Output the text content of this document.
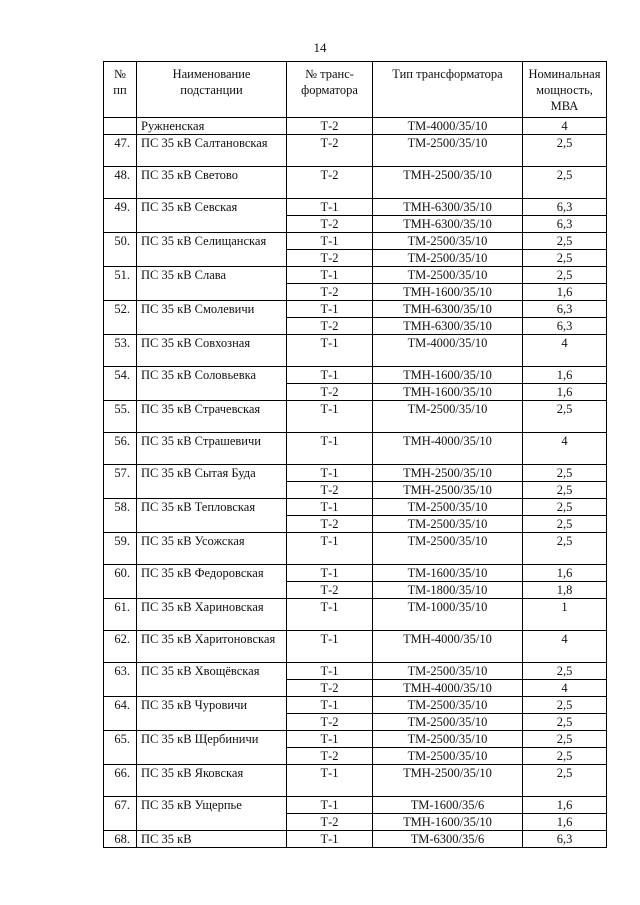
14
№ пп	Наименование подстанции	№ транс-форматора	Тип трансформатора	Номинальная мощность, МВА
	Ружненская	Т-2	ТМ-4000/35/10	4
47.	ПС 35 кВ Салтановская	Т-2	ТМ-2500/35/10	2,5
48.	ПС 35 кВ Светово	Т-2	ТМН-2500/35/10	2,5
49.	ПС 35 кВ Севская	Т-1	ТМН-6300/35/10	6,3
		Т-2	ТМН-6300/35/10	6,3
50.	ПС 35 кВ Селищанская	Т-1	ТМ-2500/35/10	2,5
		Т-2	ТМ-2500/35/10	2,5
51.	ПС 35 кВ Слава	Т-1	ТМ-2500/35/10	2,5
		Т-2	ТМН-1600/35/10	1,6
52.	ПС 35 кВ Смолевичи	Т-1	ТМН-6300/35/10	6,3
		Т-2	ТМН-6300/35/10	6,3
53.	ПС 35 кВ Совхозная	Т-1	ТМ-4000/35/10	4
54.	ПС 35 кВ Соловьевка	Т-1	ТМН-1600/35/10	1,6
		Т-2	ТМН-1600/35/10	1,6
55.	ПС 35 кВ Страчевская	Т-1	ТМ-2500/35/10	2,5
56.	ПС 35 кВ Страшевичи	Т-1	ТМН-4000/35/10	4
57.	ПС 35 кВ Сытая Буда	Т-1	ТМН-2500/35/10	2,5
		Т-2	ТМН-2500/35/10	2,5
58.	ПС 35 кВ Тепловская	Т-1	ТМ-2500/35/10	2,5
		Т-2	ТМ-2500/35/10	2,5
59.	ПС 35 кВ Усожская	Т-1	ТМ-2500/35/10	2,5
60.	ПС 35 кВ Федоровская	Т-1	ТМ-1600/35/10	1,6
		Т-2	ТМ-1800/35/10	1,8
61.	ПС 35 кВ Хариновская	Т-1	ТМ-1000/35/10	1
62.	ПС 35 кВ Харитоновская	Т-1	ТМН-4000/35/10	4
63.	ПС 35 кВ Хвощёвская	Т-1	ТМ-2500/35/10	2,5
		Т-2	ТМН-4000/35/10	4
64.	ПС 35 кВ Чуровичи	Т-1	ТМ-2500/35/10	2,5
		Т-2	ТМ-2500/35/10	2,5
65.	ПС 35 кВ Щербиничи	Т-1	ТМ-2500/35/10	2,5
		Т-2	ТМ-2500/35/10	2,5
66.	ПС 35 кВ Яковская	Т-1	ТМН-2500/35/10	2,5
67.	ПС 35 кВ Ущерпье	Т-1	ТМ-1600/35/6	1,6
		Т-2	ТМН-1600/35/10	1,6
68.	ПС 35 кВ	Т-1	ТМ-6300/35/6	6,3
